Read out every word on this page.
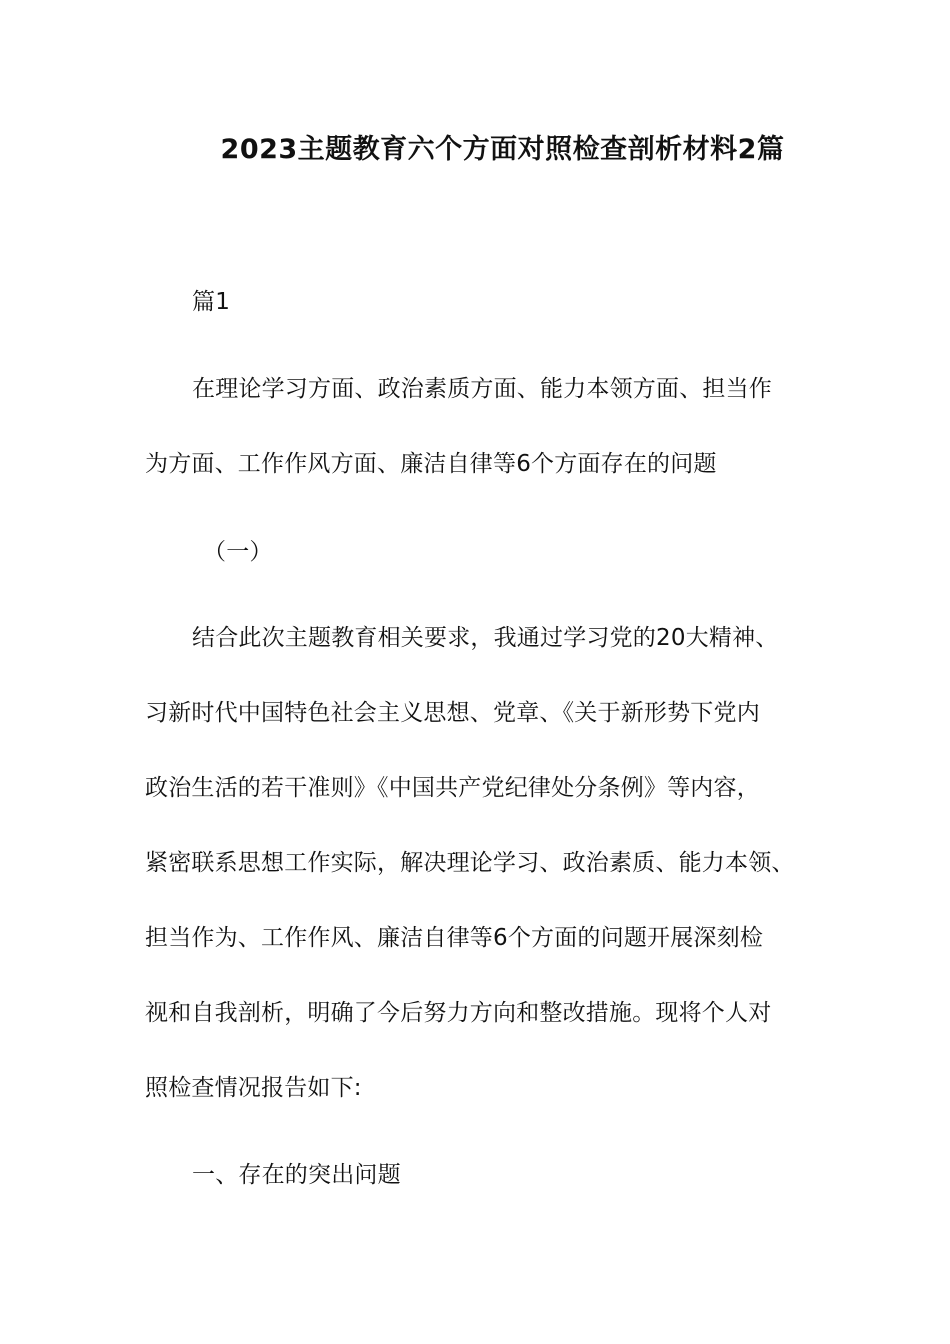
2023主题教育六个方面对照检查剖析材料2篇

篇1

在理论学习方面、政治素质方面、能力本领方面、担当作

为方面、工作作风方面、廉洁自律等6个方面存在的问题

（一）

结合此次主题教育相关要求，我通过学习党的20大精神、

习新时代中国特色社会主义思想、党章、《关于新形势下党内

政治生活的若干准则》《中国共产党纪律处分条例》等内容，

紧密联系思想工作实际，解决理论学习、政治素质、能力本领、

担当作为、工作作风、廉洁自律等6个方面的问题开展深刻检

视和自我剖析，明确了今后努力方向和整改措施。现将个人对

照检查情况报告如下:

一、存在的突出问题
